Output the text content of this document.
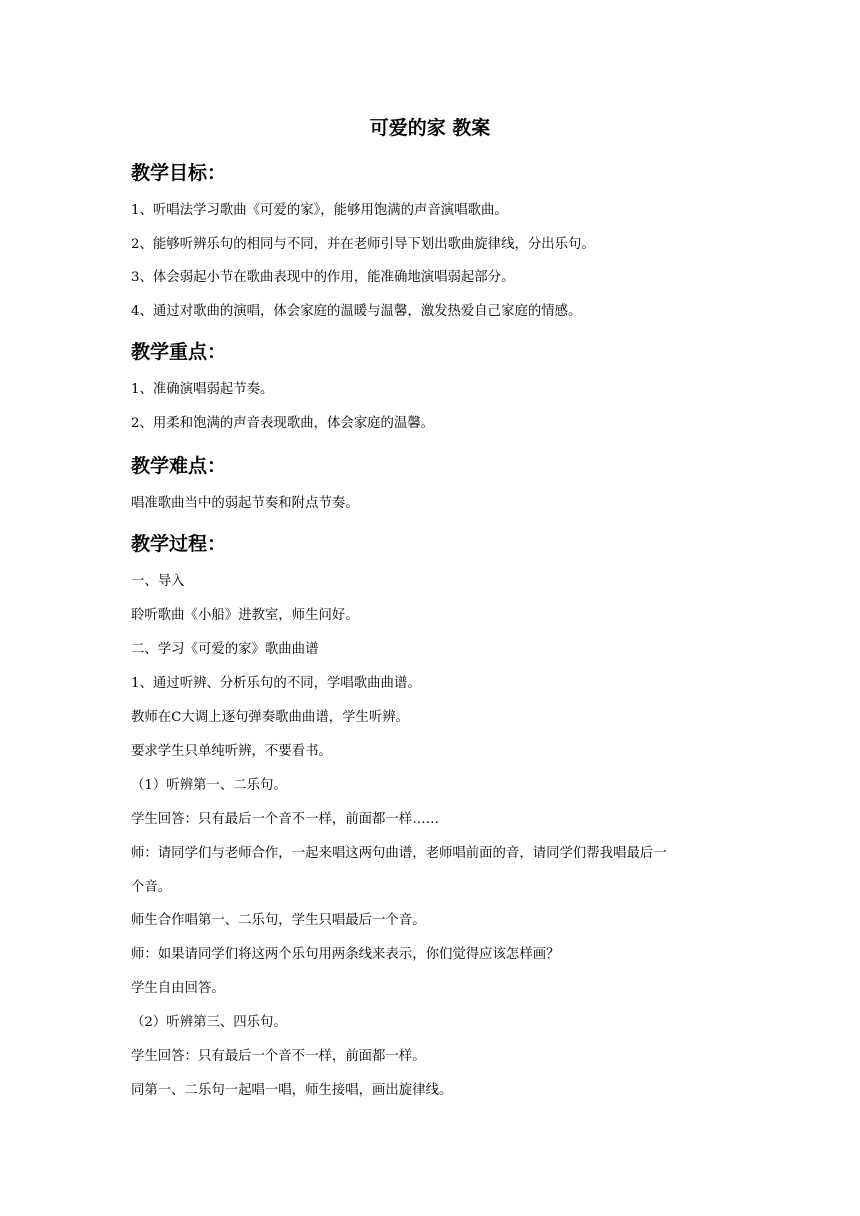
可爱的家 教案
教学目标：
1、听唱法学习歌曲《可爱的家》，能够用饱满的声音演唱歌曲。
2、能够听辨乐句的相同与不同，并在老师引导下划出歌曲旋律线，分出乐句。
3、体会弱起小节在歌曲表现中的作用，能准确地演唱弱起部分。
4、通过对歌曲的演唱，体会家庭的温暖与温馨，激发热爱自己家庭的情感。
教学重点：
1、准确演唱弱起节奏。
2、用柔和饱满的声音表现歌曲，体会家庭的温馨。
教学难点：
唱准歌曲当中的弱起节奏和附点节奏。
教学过程：
一、导入
聆听歌曲《小船》进教室，师生问好。
二、学习《可爱的家》歌曲曲谱
1、通过听辨、分析乐句的不同，学唱歌曲曲谱。
教师在C大调上逐句弹奏歌曲曲谱，学生听辨。
要求学生只单纯听辨，不要看书。
（1）听辨第一、二乐句。
学生回答：只有最后一个音不一样，前面都一样……
师：请同学们与老师合作，一起来唱这两句曲谱，老师唱前面的音，请同学们帮我唱最后一
个音。
师生合作唱第一、二乐句，学生只唱最后一个音。
师：如果请同学们将这两个乐句用两条线来表示，你们觉得应该怎样画？
学生自由回答。
（2）听辨第三、四乐句。
学生回答：只有最后一个音不一样，前面都一样。
同第一、二乐句一起唱一唱，师生接唱，画出旋律线。
